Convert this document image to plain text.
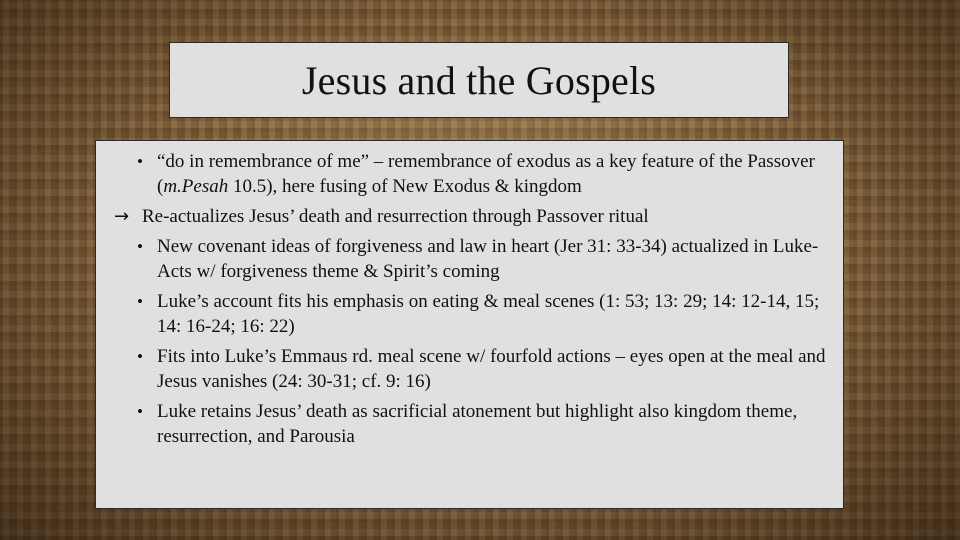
Jesus and the Gospels
• “do in remembrance of me” – remembrance of exodus as a key feature of the Passover (m.Pesah 10.5), here fusing of New Exodus & kingdom
→ Re-actualizes Jesus’ death and resurrection through Passover ritual
• New covenant ideas of forgiveness and law in heart (Jer 31: 33-34) actualized in Luke-Acts w/ forgiveness theme & Spirit’s coming
• Luke’s account fits his emphasis on eating & meal scenes (1: 53; 13: 29; 14: 12-14, 15; 14: 16-24; 16: 22)
• Fits into Luke’s Emmaus rd. meal scene w/ fourfold actions – eyes open at the meal and Jesus vanishes (24: 30-31; cf. 9: 16)
• Luke retains Jesus’ death as sacrificial atonement but highlight also kingdom theme, resurrection, and Parousia
